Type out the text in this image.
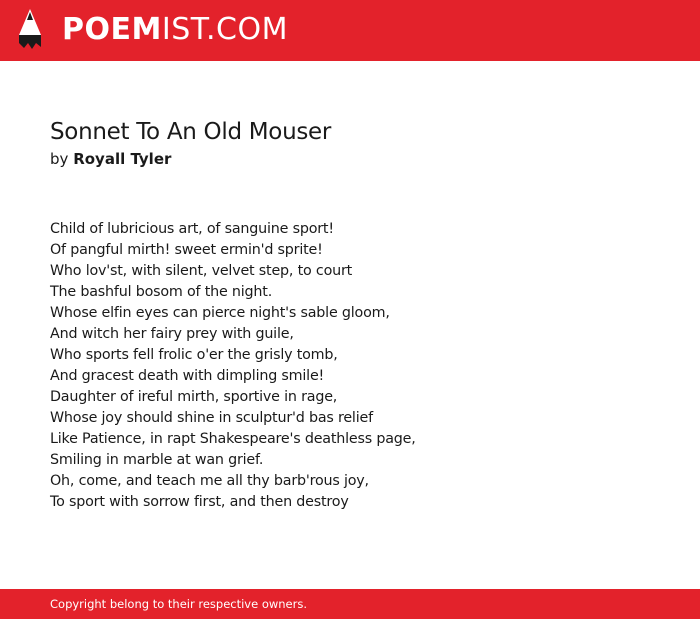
POEMIST.COM
Sonnet To An Old Mouser
by Royall Tyler
Child of lubricious art, of sanguine sport!
Of pangful mirth! sweet ermin'd sprite!
Who lov'st, with silent, velvet step, to court
The bashful bosom of the night.
Whose elfin eyes can pierce night's sable gloom,
And witch her fairy prey with guile,
Who sports fell frolic o'er the grisly tomb,
And gracest death with dimpling smile!
Daughter of ireful mirth, sportive in rage,
Whose joy should shine in sculptur'd bas relief
Like Patience, in rapt Shakespeare's deathless page,
Smiling in marble at wan grief.
Oh, come, and teach me all thy barb'rous joy,
To sport with sorrow first, and then destroy
Copyright belong to their respective owners.
